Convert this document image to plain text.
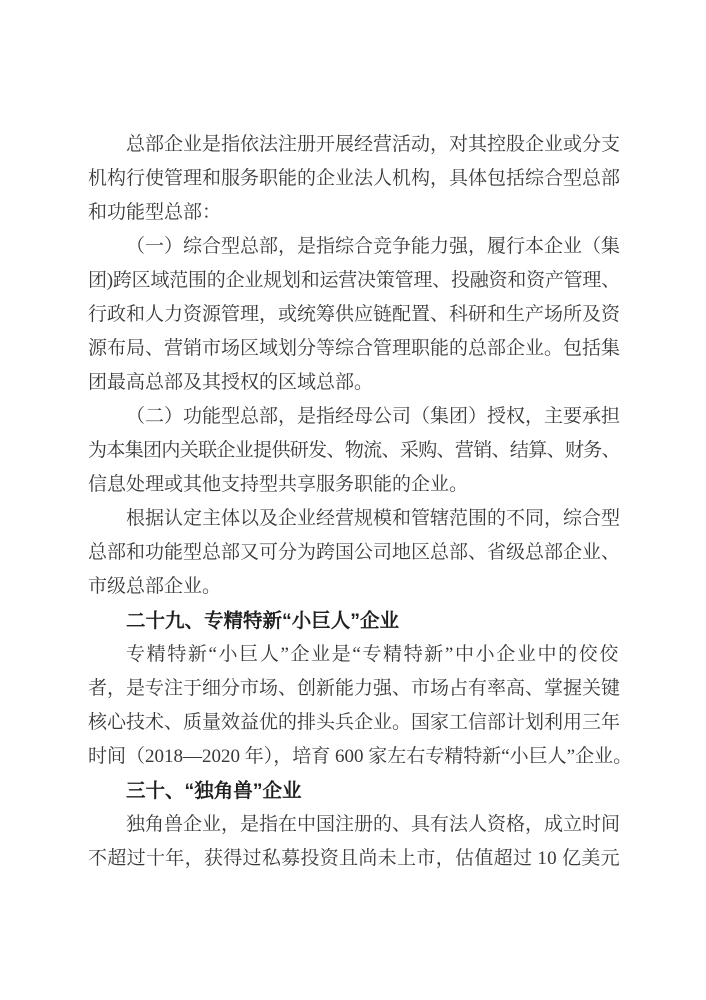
总部企业是指依法注册开展经营活动，对其控股企业或分支
机构行使管理和服务职能的企业法人机构，具体包括综合型总部
和功能型总部：
（一）综合型总部，是指综合竞争能力强，履行本企业（集
团)跨区域范围的企业规划和运营决策管理、投融资和资产管理、
行政和人力资源管理，或统筹供应链配置、科研和生产场所及资
源布局、营销市场区域划分等综合管理职能的总部企业。包括集
团最高总部及其授权的区域总部。
（二）功能型总部，是指经母公司（集团）授权，主要承担
为本集团内关联企业提供研发、物流、采购、营销、结算、财务、
信息处理或其他支持型共享服务职能的企业。
根据认定主体以及企业经营规模和管辖范围的不同，综合型
总部和功能型总部又可分为跨国公司地区总部、省级总部企业、
市级总部企业。
二十九、专精特新“小巨人”企业
专精特新“小巨人”企业是“专精特新”中小企业中的佼佼
者，是专注于细分市场、创新能力强、市场占有率高、掌握关键
核心技术、质量效益优的排头兵企业。国家工信部计划利用三年
时间（2018—2020 年），培育 600 家左右专精特新“小巨人”企业。
三十、“独角兽”企业
独角兽企业，是指在中国注册的、具有法人资格，成立时间
不超过十年，获得过私募投资且尚未上市，估值超过 10 亿美元
